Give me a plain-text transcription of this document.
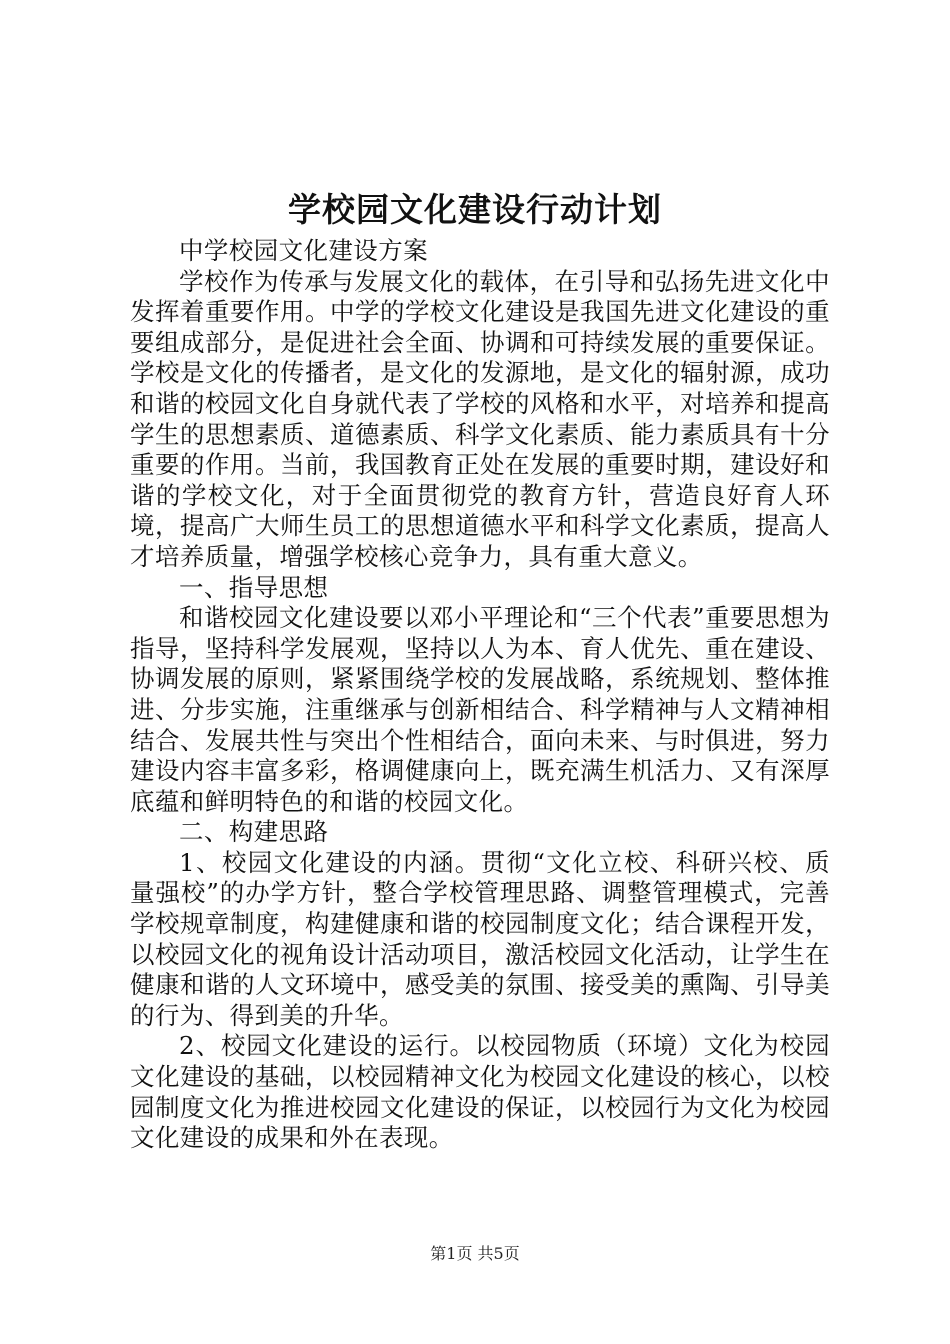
学校园文化建设行动计划

中学校园文化建设方案

学校作为传承与发展文化的载体，在引导和弘扬先进文化中发挥着重要作用。中学的学校文化建设是我国先进文化建设的重要组成部分，是促进社会全面、协调和可持续发展的重要保证。学校是文化的传播者，是文化的发源地，是文化的辐射源，成功和谐的校园文化自身就代表了学校的风格和水平，对培养和提高学生的思想素质、道德素质、科学文化素质、能力素质具有十分重要的作用。当前，我国教育正处在发展的重要时期，建设好和谐的学校文化，对于全面贯彻党的教育方针，营造良好育人环境，提高广大师生员工的思想道德水平和科学文化素质，提高人才培养质量，增强学校核心竞争力，具有重大意义。

一、指导思想

和谐校园文化建设要以邓小平理论和“三个代表”重要思想为指导，坚持科学发展观，坚持以人为本、育人优先、重在建设、协调发展的原则，紧紧围绕学校的发展战略，系统规划、整体推进、分步实施，注重继承与创新相结合、科学精神与人文精神相结合、发展共性与突出个性相结合，面向未来、与时俱进，努力建设内容丰富多彩，格调健康向上，既充满生机活力、又有深厚底蕴和鲜明特色的和谐的校园文化。

二、构建思路

1、校园文化建设的内涵。贯彻“文化立校、科研兴校、质量强校”的办学方针，整合学校管理思路、调整管理模式，完善学校规章制度，构建健康和谐的校园制度文化；结合课程开发，以校园文化的视角设计活动项目，激活校园文化活动，让学生在健康和谐的人文环境中，感受美的氛围、接受美的熏陶、引导美的行为、得到美的升华。

2、校园文化建设的运行。以校园物质（环境）文化为校园文化建设的基础，以校园精神文化为校园文化建设的核心，以校园制度文化为推进校园文化建设的保证，以校园行为文化为校园文化建设的成果和外在表现。

第1页 共5页
